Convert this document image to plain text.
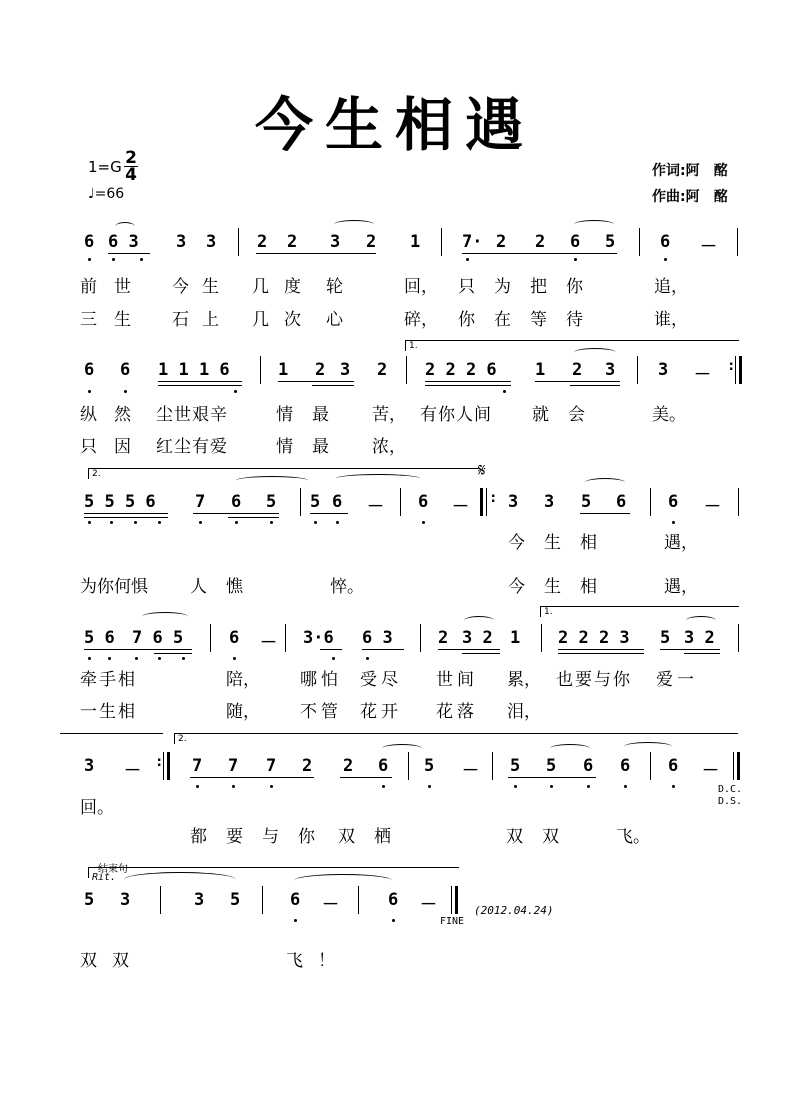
今生相遇
1=G 2
4
♩=66
作词:阿　酩
作曲:阿　酩
6 6 3 3 3 2 2 3 2 1 7· 2 2 6 5	6 －
前 世 今 生 几 度 轮	回， 只 为 把 你	追，
三 生 石 上 几 次 心	碎， 你 在 等 待	谁，
1.
6 6 1 1 1 6	1 2 3 2 2 2 2 6 1 2 3	3 － :
纵 然 尘世艰辛	情 最	苦， 有你人间 就 会	美。
只 因 红尘有爱	情 最	浓，
2.	𝄋
5 5 5 6 7 6 5 5 6 － 6 － : 3 3 5 6 6 －
今 生 相	遇，
为你何惧 人 憔	悴。	今 生 相	遇，
1.
5 6 7 6 5	6 － 3·6 6 3	2 3 2 1 2 2 2 3 5 3 2
牵手相	陪， 哪怕 受尽 世间 累， 也要与你 爱一
一生相	随， 不管 花开 花落 泪，
2.
3 － : 7 7 7 2 2 6 5 － 5 5 6 6 6 －
D.C.
D.S.
回。
都 要 与 你 双 栖	双 双	飞。
结束句
Rit.
5 3	3 5	6 －	6 －
FINE
(2012.04.24)
双 双	飞 ！
